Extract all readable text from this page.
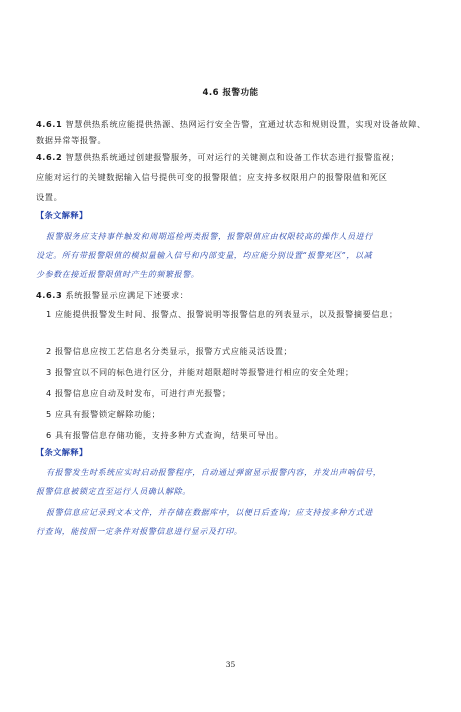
4.6 报警功能
4.6.1 智慧供热系统应能提供热源、热网运行安全告警，宜通过状态和规则设置，实现对设备故障、
数据异常等报警。
4.6.2 智慧供热系统通过创建报警服务，可对运行的关键测点和设备工作状态进行报警监视；
应能对运行的关键数据输入信号提供可变的报警限值；应支持多权限用户的报警限值和死区
设置。
【条文解释】
报警服务应支持事件触发和周期巡检两类报警，报警限值应由权限较高的操作人员进行
设定。所有带报警限值的模拟量输入信号和内部变量，均应能分别设置“报警死区”，以减
少参数在接近报警限值时产生的频繁报警。
4.6.3 系统报警显示应满足下述要求：
1 应能提供报警发生时间、报警点、报警说明等报警信息的列表显示，以及报警摘要信息；
2 报警信息应按工艺信息名分类显示，报警方式应能灵活设置；
3 报警宜以不同的标色进行区分，并能对超限超时等报警进行相应的安全处理；
4 报警信息应自动及时发布，可进行声光报警；
5 应具有报警锁定解除功能；
6 具有报警信息存储功能，支持多种方式查询，结果可导出。
【条文解释】
有报警发生时系统应实时启动报警程序，自动通过弹窗显示报警内容，并发出声响信号，
报警信息被锁定直至运行人员确认解除。
报警信息应记录到文本文件，并存储在数据库中，以便日后查询；应支持按多种方式进
行查询，能按照一定条件对报警信息进行显示及打印。
35
